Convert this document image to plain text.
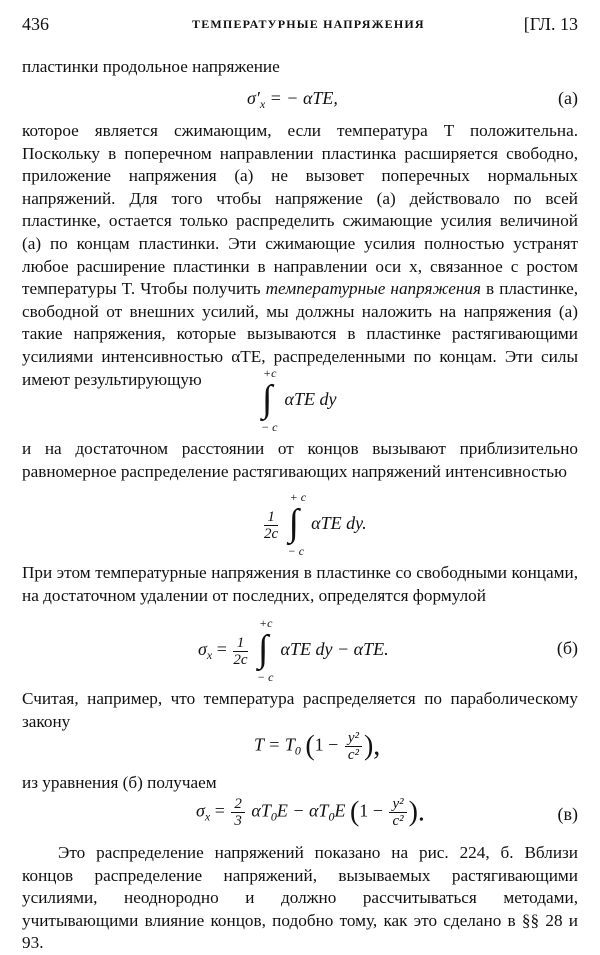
436	ТЕМПЕРАТУРНЫЕ НАПРЯЖЕНИЯ	[ГЛ. 13
пластинки продольное напряжение
$\sigma'_x$ = − αTE,	(а)
которое является сжимающим, если температура T положительна. Поскольку в поперечном направлении пластинка расширяется свободно, приложение напряжения (а) не вызовет поперечных нормальных напряжений. Для того чтобы напряжение (а) действовало по всей пластинке, остается только распределить сжимающие усилия величиной (а) по концам пластинки. Эти сжимающие усилия полностью устранят любое расширение пластинки в направлении оси x, связанное с ростом температуры T. Чтобы получить температурные напряжения в пластинке, свободной от внешних усилий, мы должны наложить на напряжения (а) такие напряжения, которые вызываются в пластинке растягивающими усилиями интенсивностью αTE, распределенными по концам. Эти силы имеют результирующую	+c
∫
− c
αTE dy
и на достаточном расстоянии от концов вызывают приблизительно равномерное распределение растягивающих напряжений интенсивностью
$\frac{1}{2c}$

+ c
∫
− c
αTE dy.
При этом температурные напряжения в пластинке со свободными концами, на достаточном удалении от последних, определятся формулой
$\sigma_x = \frac{1}{2c}$

+c
∫
− c
αTE dy − αTE.	(б)
Считая, например, что температура распределяется по параболическому закону
$T = T_0$ ($1 - \frac{\text{y²}}{\text{c²}}$ ),
из уравнения (б) получаем
$\sigma_x = \frac{2}{3} \alpha T_0E - \alpha T_0E$ ($1 - \frac{\text{y²}}{\text{c²}}$ ).	(в)
Это распределение напряжений показано на рис. 224, б. Вблизи концов распределение напряжений, вызываемых растягивающими усилиями, неоднородно и должно рассчитываться методами, учитывающими влияние концов, подобно тому, как это сделано в §§ 28 и 93.
